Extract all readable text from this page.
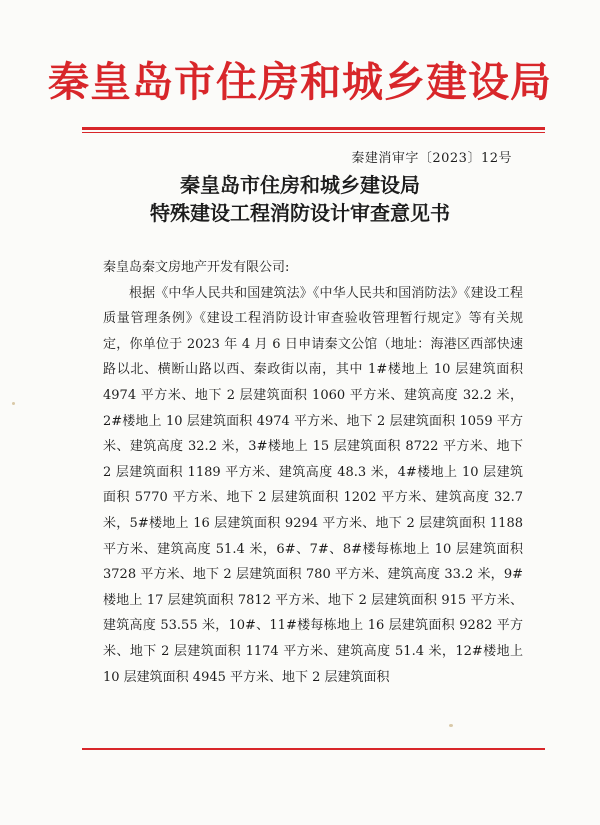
秦皇岛市住房和城乡建设局
秦建消审字〔2023〕12号
秦皇岛市住房和城乡建设局
特殊建设工程消防设计审查意见书

秦皇岛秦文房地产开发有限公司:

根据《中华人民共和国建筑法》《中华人民共和国消防法》《建设工程质量管理条例》《建设工程消防设计审查验收管理暂行规定》等有关规定，你单位于 2023 年 4 月 6 日申请秦文公馆（地址：海港区西部快速路以北、横断山路以西、秦政街以南，其中 1#楼地上 10 层建筑面积 4974 平方米、地下 2 层建筑面积 1060 平方米、建筑高度 32.2 米，2#楼地上 10 层建筑面积 4974 平方米、地下 2 层建筑面积 1059 平方米、建筑高度 32.2 米，3#楼地上 15 层建筑面积 8722 平方米、地下 2 层建筑面积 1189 平方米、建筑高度 48.3 米，4#楼地上 10 层建筑面积 5770 平方米、地下 2 层建筑面积 1202 平方米、建筑高度 32.7 米，5#楼地上 16 层建筑面积 9294 平方米、地下 2 层建筑面积 1188 平方米、建筑高度 51.4 米，6#、7#、8#楼每栋地上 10 层建筑面积 3728 平方米、地下 2 层建筑面积 780 平方米、建筑高度 33.2 米，9#楼地上 17 层建筑面积 7812 平方米、地下 2 层建筑面积 915 平方米、建筑高度 53.55 米，10#、11#楼每栋地上 16 层建筑面积 9282 平方米、地下 2 层建筑面积 1174 平方米、建筑高度 51.4 米，12#楼地上 10 层建筑面积 4945 平方米、地下 2 层建筑面积
